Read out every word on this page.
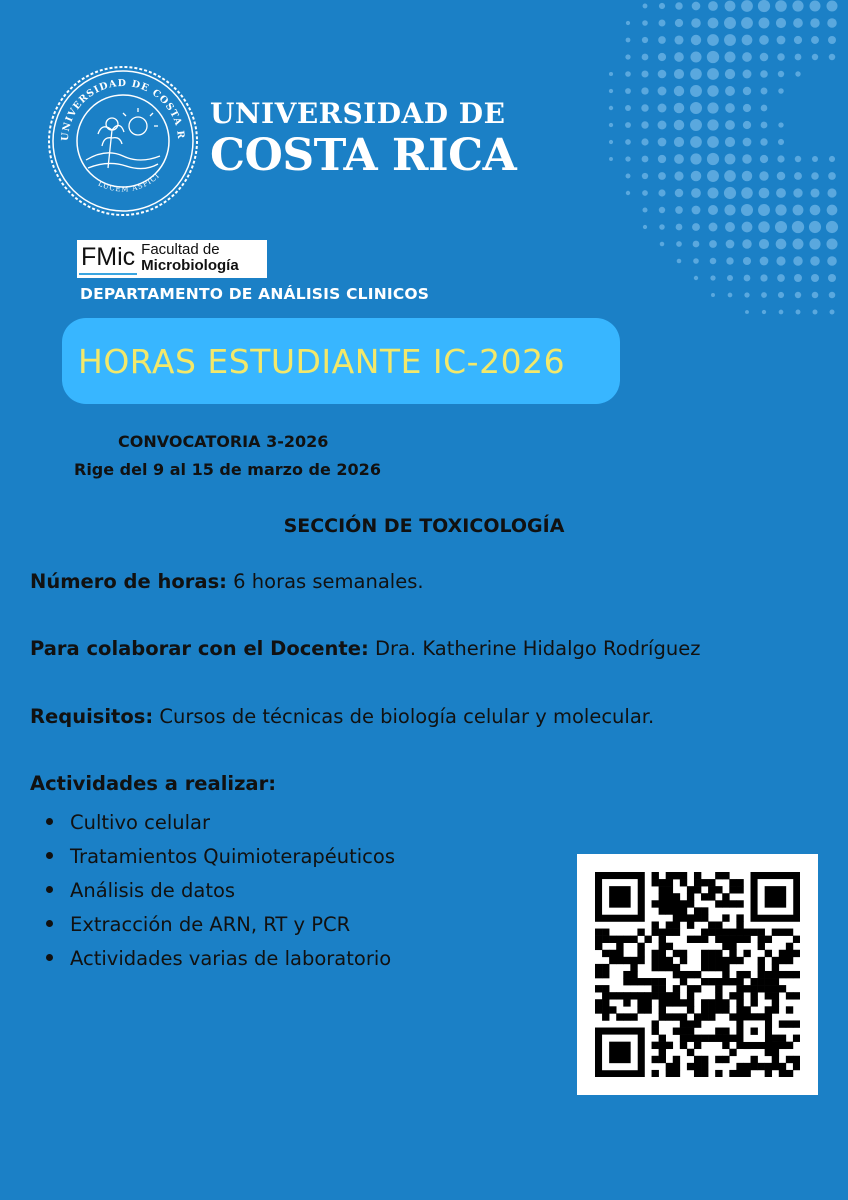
UNIVERSIDAD DE COSTA R
LUCEM ASPICI
UNIVERSIDAD DE
COSTA RICA
FMic Facultad de
Microbiología
DEPARTAMENTO DE ANÁLISIS CLINICOS
HORAS ESTUDIANTE IC-2026
CONVOCATORIA 3-2026
Rige del 9 al 15 de marzo de 2026
SECCIÓN DE TOXICOLOGÍA
Número de horas: 6 horas semanales.
Para colaborar con el Docente: Dra. Katherine Hidalgo Rodríguez
Requisitos: Cursos de técnicas de biología celular y molecular.
Actividades a realizar:
Cultivo celular
Tratamientos Quimioterapéuticos
Análisis de datos
Extracción de ARN, RT y PCR
Actividades varias de laboratorio
